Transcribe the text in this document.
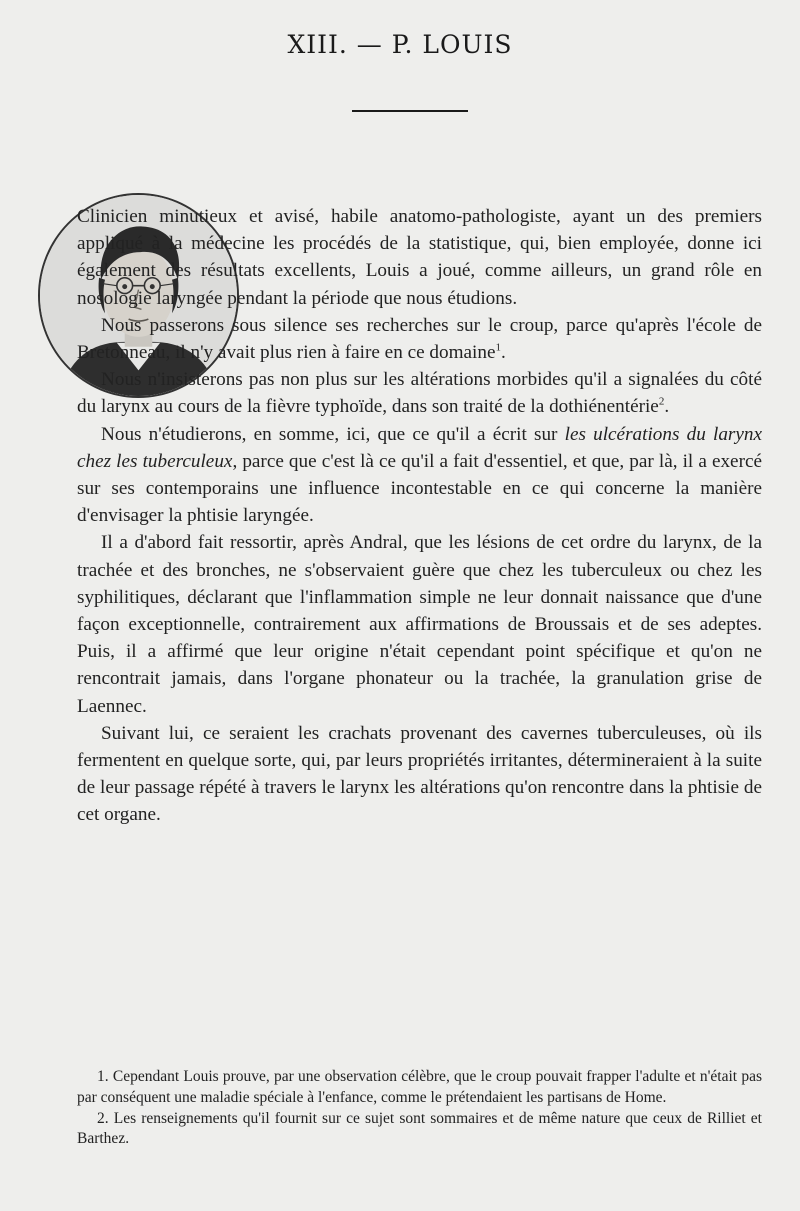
XIII. — P. LOUIS

Clinicien minutieux et avisé, habile anatomo-pathologiste, ayant un des premiers appliqué à la médecine les procédés de la statistique, qui, bien employée, donne ici également des résultats excellents, Louis a joué, comme ailleurs, un grand rôle en nosologie laryngée pendant la période que nous étudions.

Nous passerons sous silence ses recherches sur le croup, parce qu'après l'école de Bretonneau, il n'y avait plus rien à faire en ce domaine$^1$.

Nous n'insisterons pas non plus sur les altérations morbides qu'il a signalées du côté du larynx au cours de la fièvre typhoïde, dans son traité de la dothiénentérie$^2$.

Nous n'étudierons, en somme, ici, que ce qu'il a écrit sur les ulcérations du larynx chez les tuberculeux, parce que c'est là ce qu'il a fait d'essentiel, et que, par là, il a exercé sur ses contemporains une influence incontestable en ce qui concerne la manière d'envisager la phtisie laryngée.

Il a d'abord fait ressortir, après Andral, que les lésions de cet ordre du larynx, de la trachée et des bronches, ne s'observaient guère que chez les tuberculeux ou chez les syphilitiques, déclarant que l'inflammation simple ne leur donnait naissance que d'une façon exceptionnelle, contrairement aux affirmations de Broussais et de ses adeptes. Puis, il a affirmé que leur origine n'était cependant point spécifique et qu'on ne rencontrait jamais, dans l'organe phonateur ou la trachée, la granulation grise de Laennec.

Suivant lui, ce seraient les crachats provenant des cavernes tuberculeuses, où ils fermentent en quelque sorte, qui, par leurs propriétés irritantes, détermineraient à la suite de leur passage répété à travers le larynx les altérations qu'on rencontre dans la phtisie de cet organe.

1. Cependant Louis prouve, par une observation célèbre, que le croup pouvait frapper l'adulte et n'était pas par conséquent une maladie spéciale à l'enfance, comme le prétendaient les partisans de Home.

2. Les renseignements qu'il fournit sur ce sujet sont sommaires et de même nature que ceux de Rilliet et Barthez.
